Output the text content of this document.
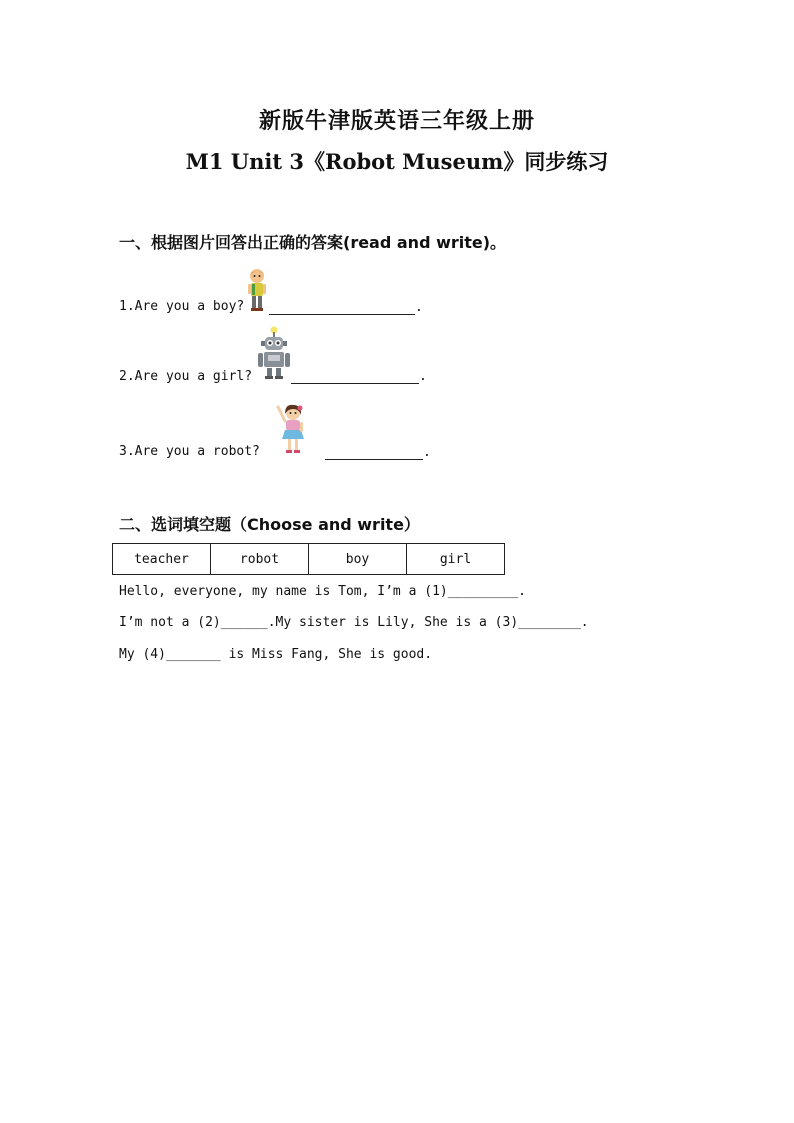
新版牛津版英语三年级上册
M1 Unit 3《Robot Museum》同步练习
一、根据图片回答出正确的答案(read and write)。
1.Are you a boy?	.
2.Are you a girl?	.
3.Are you a robot?	.
二、选词填空题（Choose and write）
teacher	robot	boy	girl
Hello, everyone, my name is Tom, I’m a (1)_________.
I’m not a (2)______.My sister is Lily, She is a (3)________.
My (4)_______ is Miss Fang, She is good.
